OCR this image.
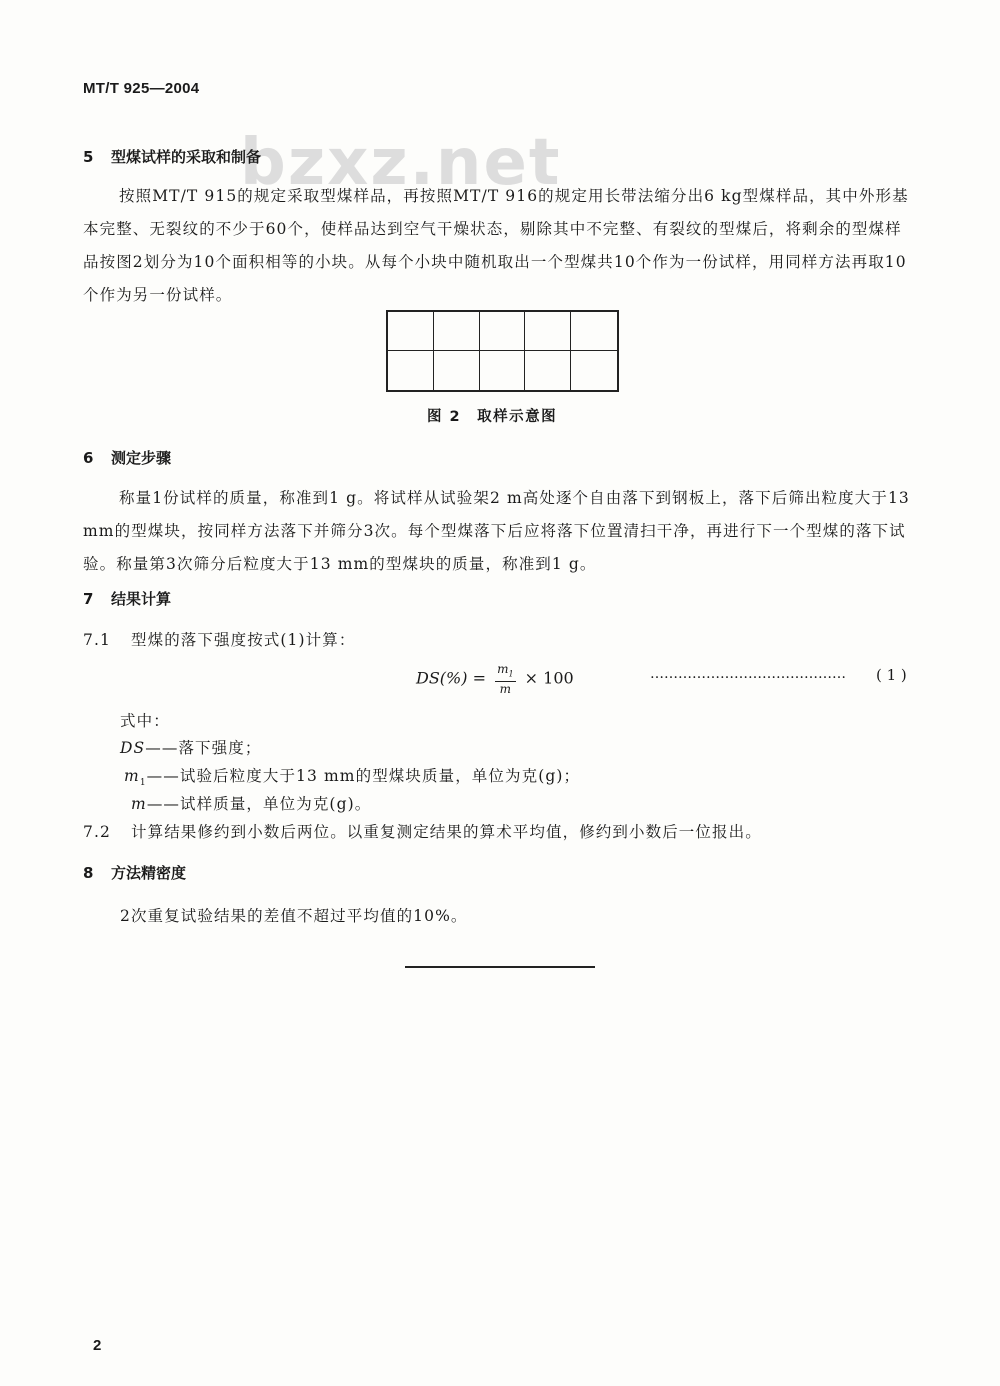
MT/T 925—2004
bzxz.net
5 型煤试样的采取和制备
按照MT/T 915的规定采取型煤样品，再按照MT/T 916的规定用长带法缩分出6 kg型煤样品，其中外形基本完整、无裂纹的不少于60个，使样品达到空气干燥状态，剔除其中不完整、有裂纹的型煤后，将剩余的型煤样品按图2划分为10个面积相等的小块。从每个小块中随机取出一个型煤共10个作为一份试样，用同样方法再取10个作为另一份试样。
图 2　取样示意图
6 测定步骤
称量1份试样的质量，称准到1 g。将试样从试验架2 m高处逐个自由落下到钢板上，落下后筛出粒度大于13 mm的型煤块，按同样方法落下并筛分3次。每个型煤落下后应将落下位置清扫干净，再进行下一个型煤的落下试验。称量第3次筛分后粒度大于13 mm的型煤块的质量，称准到1 g。
7 结果计算
7.1 型煤的落下强度按式(1)计算：
$DS(\%) = \frac{m_1}{m} \times 100$	…………………………………… ( 1 )
式中：
DS——落下强度；
$m_1——$试验后粒度大于13 mm的型煤块质量，单位为克(g)；
m——试样质量，单位为克(g)。
7.2 计算结果修约到小数后两位。以重复测定结果的算术平均值，修约到小数后一位报出。
8 方法精密度
2次重复试验结果的差值不超过平均值的10%。
2
